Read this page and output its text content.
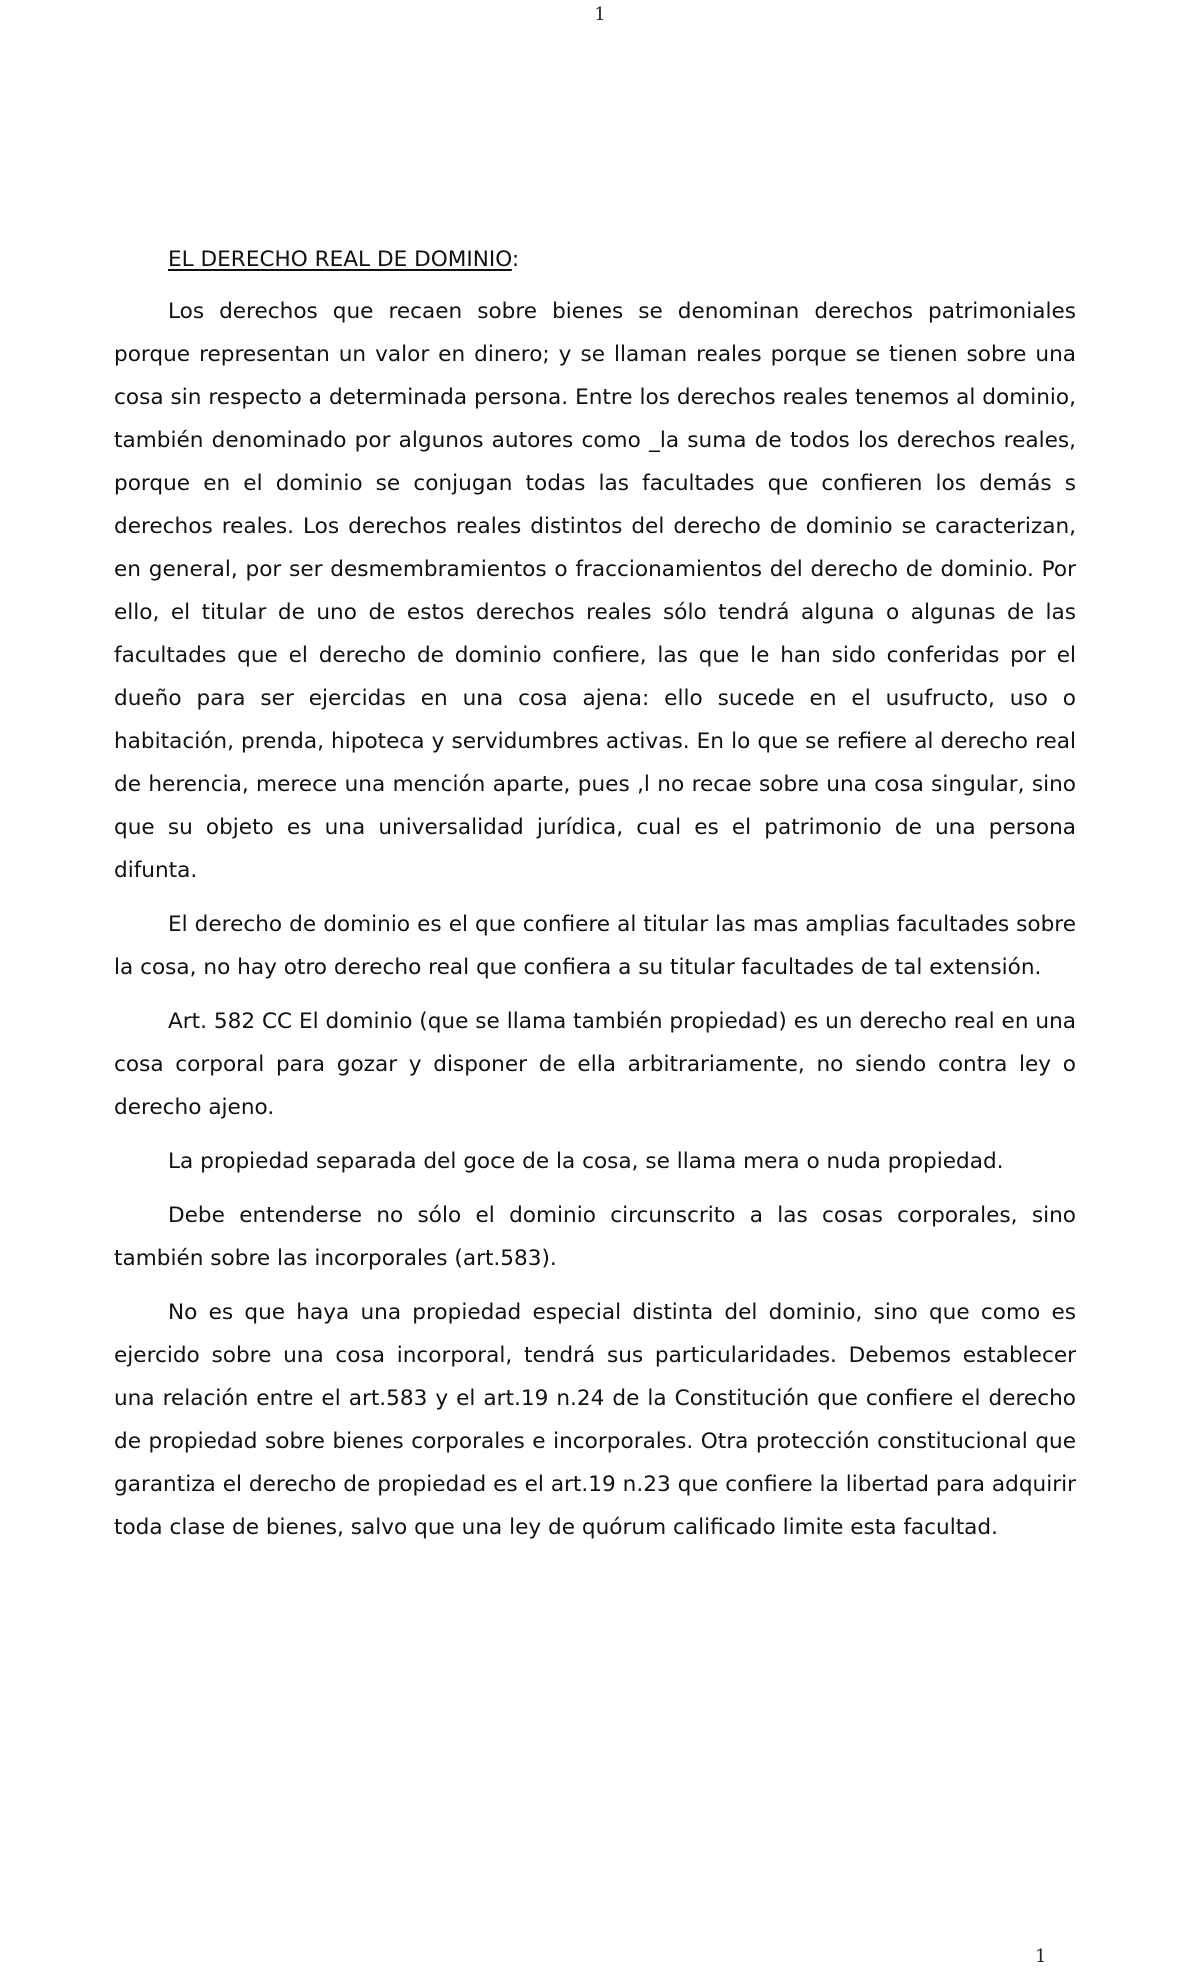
1

EL DERECHO REAL DE DOMINIO:

Los derechos que recaen sobre bienes se denominan derechos patrimoniales porque representan un valor en dinero; y se llaman reales porque se tienen sobre una cosa sin respecto a determinada persona. Entre los derechos reales tenemos al dominio, también denominado por algunos autores como _la suma de todos los derechos reales, porque en el dominio se conjugan todas las facultades que confieren los demás s derechos reales. Los derechos reales distintos del derecho de dominio se caracterizan, en general, por ser desmembramientos o fraccionamientos del derecho de dominio. Por ello, el titular de uno de estos derechos reales sólo tendrá alguna o algunas de las facultades que el derecho de dominio confiere, las que le han sido conferidas por el dueño para ser ejercidas en una cosa ajena: ello sucede en el usufructo, uso o habitación, prenda, hipoteca y servidumbres activas. En lo que se refiere al derecho real de herencia, merece una mención aparte, pues ,l no recae sobre una cosa singular, sino que su objeto es una universalidad jurídica, cual es el patrimonio de una persona difunta.

El derecho de dominio es el que confiere al titular las mas amplias facultades sobre la cosa, no hay otro derecho real que confiera a su titular facultades de tal extensión.

Art. 582 CC El dominio (que se llama también propiedad) es un derecho real en una cosa corporal para gozar y disponer de ella arbitrariamente, no siendo contra ley o derecho ajeno.

La propiedad separada del goce de la cosa, se llama mera o nuda propiedad.

Debe entenderse no sólo el dominio circunscrito a las cosas corporales, sino también sobre las incorporales (art.583).

No es que haya una propiedad especial distinta del dominio, sino que como es ejercido sobre una cosa incorporal, tendrá sus particularidades. Debemos establecer una relación entre el art.583 y el art.19 n.24 de la Constitución que confiere el derecho de propiedad sobre bienes corporales e incorporales. Otra protección constitucional que garantiza el derecho de propiedad es el art.19 n.23 que confiere la libertad para adquirir toda clase de bienes, salvo que una ley de quórum calificado limite esta facultad.

1
